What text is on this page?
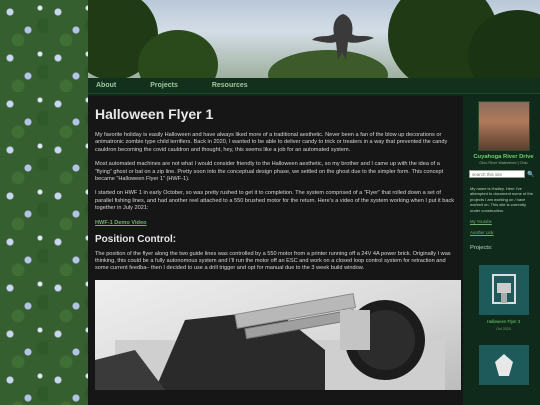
About	Projects	Resources
Halloween Flyer 1

My favorite holiday is easily Halloween and have always liked more of a traditional aesthetic. Never been a fan of the blow up decorations or animatronic zombie type child terrifiers. Back in 2020, I wanted to be able to deliver candy to trick or treaters in a way that prevented the candy cauldron becoming the covid cauldron and thought, hey, this seems like a job for an automated system.

Most automated machines are not what I would consider friendly to the Halloween aesthetic, so my brother and I came up with the idea of a “flying” ghost or bat on a zip line. Pretty soon into the conceptual design phase, we settled on the ghost due to the simpler form. This concept became “Halloween Flyer 1” (HWF-1).

I started on HWF 1 in early October, so was pretty rushed to get it to completion. The system comprised of a “Flyer” that rolled down a set of parallel fishing lines, and had another reel attached to a 550 brushed motor for the return. Here’s a video of the system working when I put it back together in July 2021:

HWF-1 Demo Video
Position Control:

The position of the flyer along the two guide lines was controlled by a 550 motor from a printer running off a 24V 4A power brick. Originally I was thinking, this could be a fully autonomous system and I’ll run the motor off an ESC and work on a closed loop control system for retraction and some current feedba– then I decided to use a drill trigger and opt for manual due to the 3 week build window.

Cuyahoga River Drive
Ohio River Watershed | Ohio
search this site
🔍
My name is Hadley. Here I've attempted to document some of the projects I am working on / have worked on. This site is currently under construction.
My Youtube
Another Link
Projects:
Halloween Flyer 3
Oct 2024
